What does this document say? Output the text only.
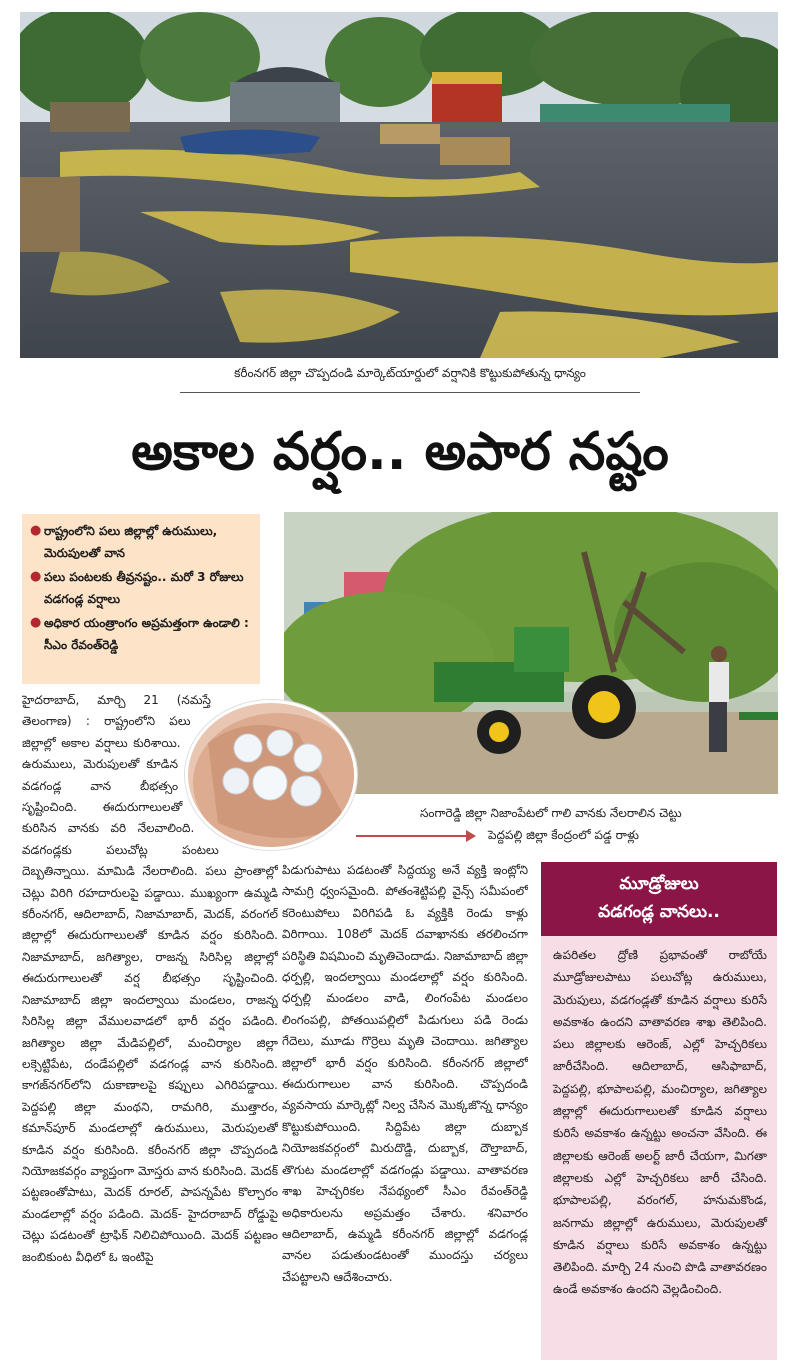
కరీంనగర్ జిల్లా చొప్పదండి మార్కెట్‌యార్డులో వర్షానికి కొట్టుకుపోతున్న ధాన్యం
అకాల వర్షం.. అపార నష్టం
● రాష్ట్రంలోని పలు జిల్లాల్లో ఉరుములు, మెరుపులతో వాన
● పలు పంటలకు తీవ్రనష్టం.. మరో 3 రోజులు వడగండ్ల వర్షాలు
● అధికార యంత్రాంగం అప్రమత్తంగా ఉండాలి : సీఎం రేవంత్‌రెడ్డి
సంగారెడ్డి జిల్లా నిజాంపేటలో గాలి వానకు నేలరాలిన చెట్టు
పెద్దపల్లి జిల్లా కేంద్రంలో పడ్డ రాళ్లు

హైదరాబాద్, మార్చి 21 (నమస్తే తెలంగాణ) : రాష్ట్రంలోని పలు జిల్లాల్లో అకాల వర్షాలు కురిశాయి. ఉరుములు, మెరుపులతో కూడిన వడగండ్ల వాన బీభత్సం సృష్టించింది. ఈదురుగాలులతో కురిసిన వానకు వరి నేలవాలింది. వడగండ్లకు పలుచోట్ల పంటలు దెబ్బతిన్నాయి. మామిడి నేలరాలింది. పలు ప్రాంతాల్లో చెట్లు విరిగి రహదారులపై పడ్డాయి. ముఖ్యంగా ఉమ్మడి కరీంనగర్, ఆదిలాబాద్, నిజామాబాద్, మెదక్, వరంగల్ జిల్లాల్లో ఈదురుగాలులతో కూడిన వర్షం కురిసింది. నిజామాబాద్, జగిత్యాల, రాజన్న సిరిసిల్ల జిల్లాల్లో ఈదురుగాలులతో వర్ష బీభత్సం సృష్టించింది. నిజామాబాద్ జిల్లా ఇందల్వాయి మండలం, రాజన్న సిరిసిల్ల జిల్లా వేములవాడలో భారీ వర్షం పడింది. జగిత్యాల జిల్లా మేడిపల్లిలో, మంచిర్యాల జిల్లా లక్సెట్టిపేట, దండేపల్లిలో వడగండ్ల వాన కురిసింది. కాగజ్‌నగర్‌లోని దుకాణాలపై కప్పులు ఎగిరిపడ్డాయి. పెద్దపల్లి జిల్లా మంథని, రామగిరి, ముత్తారం, కమాన్‌పూర్ మండలాల్లో ఉరుములు, మెరుపులతో కూడిన వర్షం కురిసింది. కరీంనగర్ జిల్లా చొప్పదండి నియోజకవర్గం వ్యాప్తంగా మోస్తరు వాన కురిసింది. మెదక్ పట్టణంతోపాటు, మెదక్ రూరల్, పాపన్నపేట కొల్చారం మండలాల్లో వర్షం పడింది. మెదక్- హైదరాబాద్ రోడ్డుపై చెట్లు పడటంతో ట్రాఫిక్ నిలిచిపోయింది. మెదక్ పట్టణం జంబికుంట వీధిలో ఓ ఇంటిపై

పిడుగుపాటు పడటంతో సిద్దయ్య అనే వ్యక్తి ఇంట్లోని సామగ్రి ధ్వంసమైంది. పోతంశెట్టిపల్లి వైన్స్ సమీపంలో కరెంటుపోలు విరిగిపడి ఓ వ్యక్తికి రెండు కాళ్లు విరిగాయి. 108లో మెదక్ దవాఖానకు తరలించగా పరిస్థితి విషమించి మృతిచెందాడు. నిజామాబాద్ జిల్లా ధర్పల్లి, ఇందల్వాయి మండలాల్లో వర్షం కురిసింది. ధర్పల్లి మండలం వాడి, లింగంపేట మండలం లింగంపల్లి, పోతయిపల్లిలో పిడుగులు పడి రెండు గేదెలు, మూడు గొర్రెలు మృతి చెందాయి. జగిత్యాల జిల్లాలో భారీ వర్షం కురిసింది. కరీంనగర్ జిల్లాలో ఈదురుగాలుల వాన కురిసింది. చొప్పదండి వ్యవసాయ మార్కెట్లో నిల్వ చేసిన మొక్కజొన్న ధాన్యం కొట్టుకుపోయింది. సిద్దిపేట జిల్లా దుబ్బాక నియోజకవర్గంలో మిరుదొడ్డి, దుబ్బాక, దౌల్తాబాద్, తొగుట మండలాల్లో వడగండ్లు పడ్డాయి. వాతావరణ శాఖ హెచ్చరికల నేపథ్యంలో సీఎం రేవంత్‌రెడ్డి అధికారులను అప్రమత్తం చేశారు. శనివారం ఆదిలాబాద్, ఉమ్మడి కరీంనగర్ జిల్లాల్లో వడగండ్ల వానల పడుతుండటంతో ముందస్తు చర్యలు చేపట్టాలని ఆదేశించారు.

మూడ్రోజులు
వడగండ్ల వానలు..
ఉపరితల ద్రోణి ప్రభావంతో రాబోయే మూడ్రోజులపాటు పలుచోట్ల ఉరుములు, మెరుపులు, వడగండ్లతో కూడిన వర్షాలు కురిసే అవకాశం ఉందని వాతావరణ శాఖ తెలిపింది. పలు జిల్లాలకు ఆరెంజ్, ఎల్లో హెచ్చరికలు జారీచేసింది. ఆదిలాబాద్, ఆసిఫాబాద్, పెద్దపల్లి, భూపాలపల్లి, మంచిర్యాల, జగిత్యాల జిల్లాల్లో ఈదురుగాలులతో కూడిన వర్షాలు కురిసే అవకాశం ఉన్నట్టు అంచనా వేసింది. ఈ జిల్లాలకు ఆరెంజ్ అలర్ట్ జారీ చేయగా, మిగతా జిల్లాలకు ఎల్లో హెచ్చరికలు జారీ చేసింది. భూపాలపల్లి, వరంగల్, హనుమకొండ, జనగామ జిల్లాల్లో ఉరుములు, మెరుపులతో కూడిన వర్షాలు కురిసే అవకాశం ఉన్నట్టు తెలిపింది. మార్చి 24 నుంచి పొడి వాతావరణం ఉండే అవకాశం ఉందని వెల్లడించింది.
